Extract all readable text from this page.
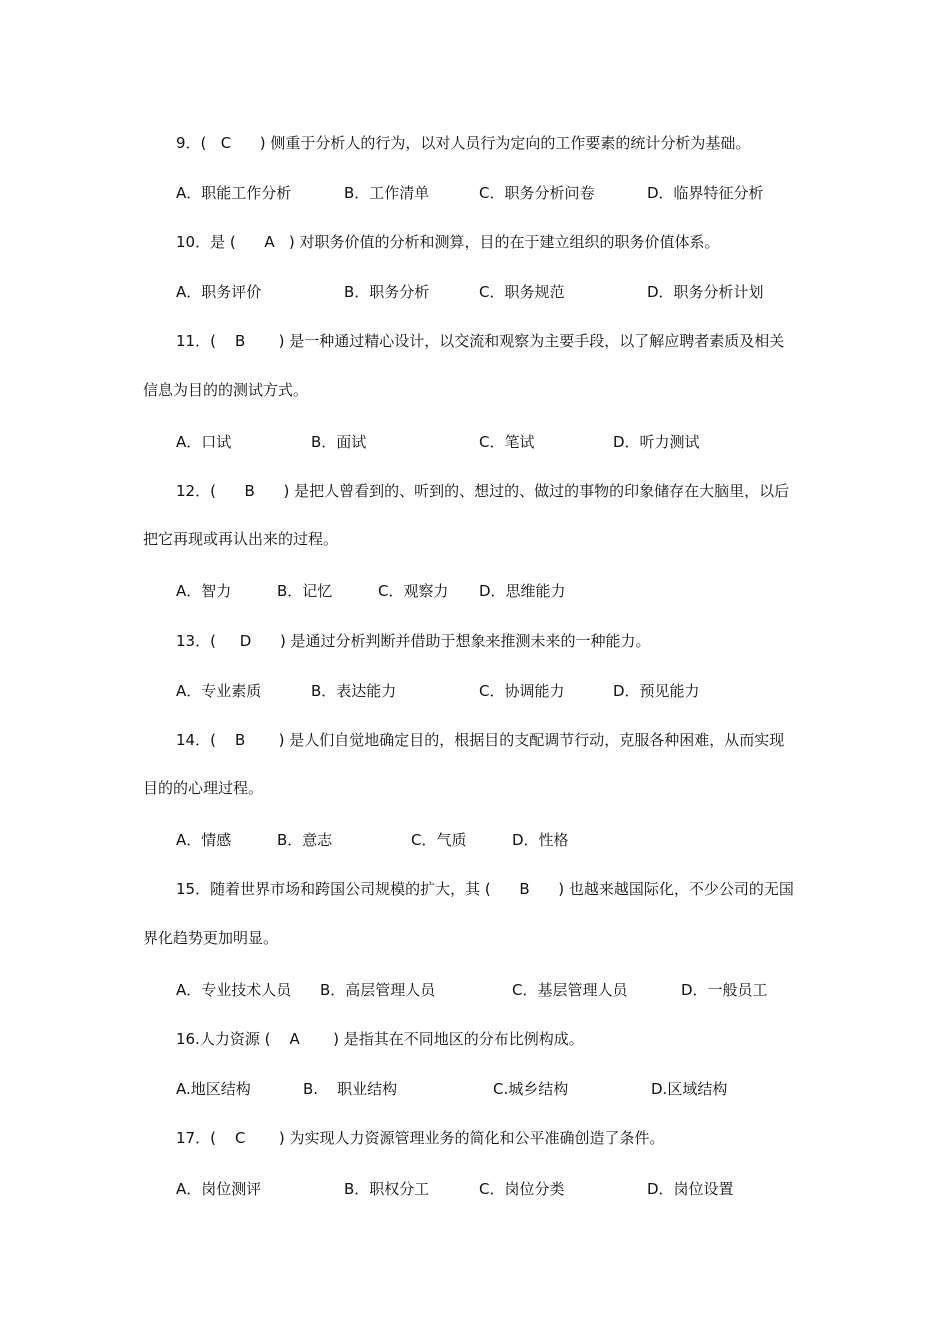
9．(   C      ) 侧重于分析人的行为，以对人员行为定向的工作要素的统计分析为基础。
A．职能工作分析	B．工作清单	C．职务分析问卷	D．临界特征分析
10．是 (      A   ) 对职务价值的分析和测算，目的在于建立组织的职务价值体系。
A．职务评价	B．职务分析	C．职务规范	D．职务分析计划
11．(    B       ) 是一种通过精心设计，以交流和观察为主要手段，以了解应聘者素质及相关
信息为目的的测试方式。
A．口试	B．面试	C．笔试	D．听力测试
12．(      B      ) 是把人曾看到的、听到的、想过的、做过的事物的印象储存在大脑里，以后
把它再现或再认出来的过程。
A．智力	B．记忆	C．观察力 D．思维能力
13．(     D      ) 是通过分析判断并借助于想象来推测未来的一种能力。
A．专业素质	B．表达能力	C．协调能力	D．预见能力
14．(    B       ) 是人们自觉地确定目的，根据目的支配调节行动，克服各种困难，从而实现
目的的心理过程。
A．情感	B．意志	C．气质	D．性格
15．随着世界市场和跨国公司规模的扩大，其 (      B      ) 也越来越国际化，不少公司的无国
界化趋势更加明显。
A．专业技术人员 B．高层管理人员	C．基层管理人员	D．一般员工
16.人力资源 (    A       ) 是指其在不同地区的分布比例构成。
A.地区结构	B.    职业结构	C.城乡结构	D.区域结构
17．(    C       ) 为实现人力资源管理业务的简化和公平准确创造了条件。
A．岗位测评	B．职权分工	C．岗位分类	D．岗位设置
